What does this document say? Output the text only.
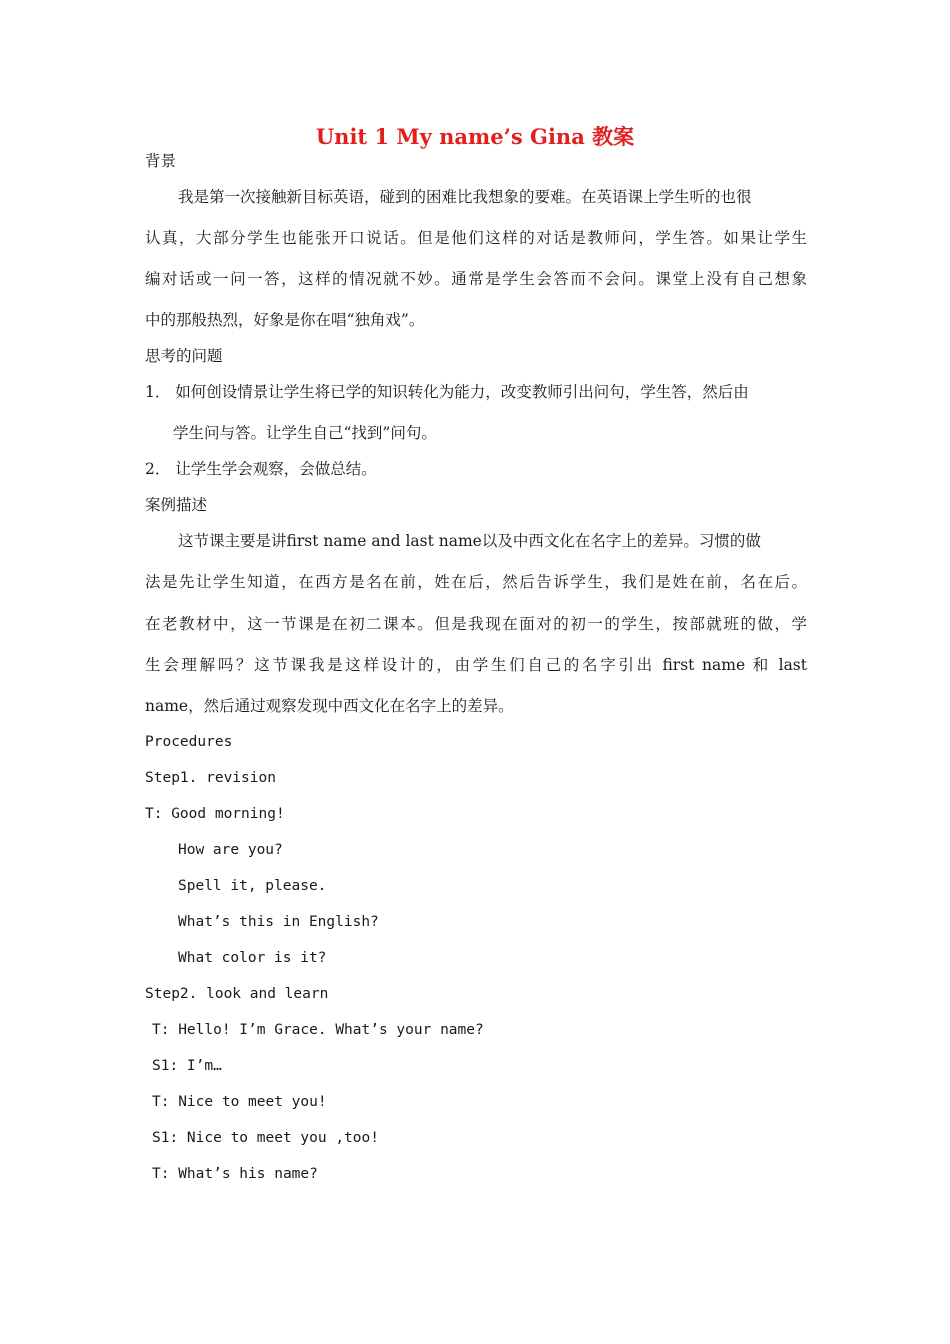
Unit 1 My name’s Gina 教案
背景
我是第一次接触新目标英语，碰到的困难比我想象的要难。在英语课上学生听的也很
认真，大部分学生也能张开口说话。但是他们这样的对话是教师问，学生答。如果让学生
编对话或一问一答，这样的情况就不妙。通常是学生会答而不会问。课堂上没有自己想象
中的那般热烈，好象是你在唱“独角戏”。
思考的问题
1． 如何创设情景让学生将已学的知识转化为能力，改变教师引出问句，学生答，然后由
学生问与答。让学生自己“找到”问句。
2． 让学生学会观察，会做总结。
案例描述
这节课主要是讲first name and last name以及中西文化在名字上的差异。习惯的做
法是先让学生知道，在西方是名在前，姓在后，然后告诉学生，我们是姓在前，名在后。
在老教材中，这一节课是在初二课本。但是我现在面对的初一的学生，按部就班的做，学
生会理解吗？这节课我是这样设计的，由学生们自己的名字引出 first name 和 last
name，然后通过观察发现中西文化在名字上的差异。
Procedures
Step1. revision
T: Good morning!
How are you?
Spell it, please.
What’s this in English?
What color is it?
Step2. look and learn
T: Hello! I’m Grace. What’s your name?
S1: I’m…
T: Nice to meet you!
S1: Nice to meet you ,too!
T: What’s his name?
